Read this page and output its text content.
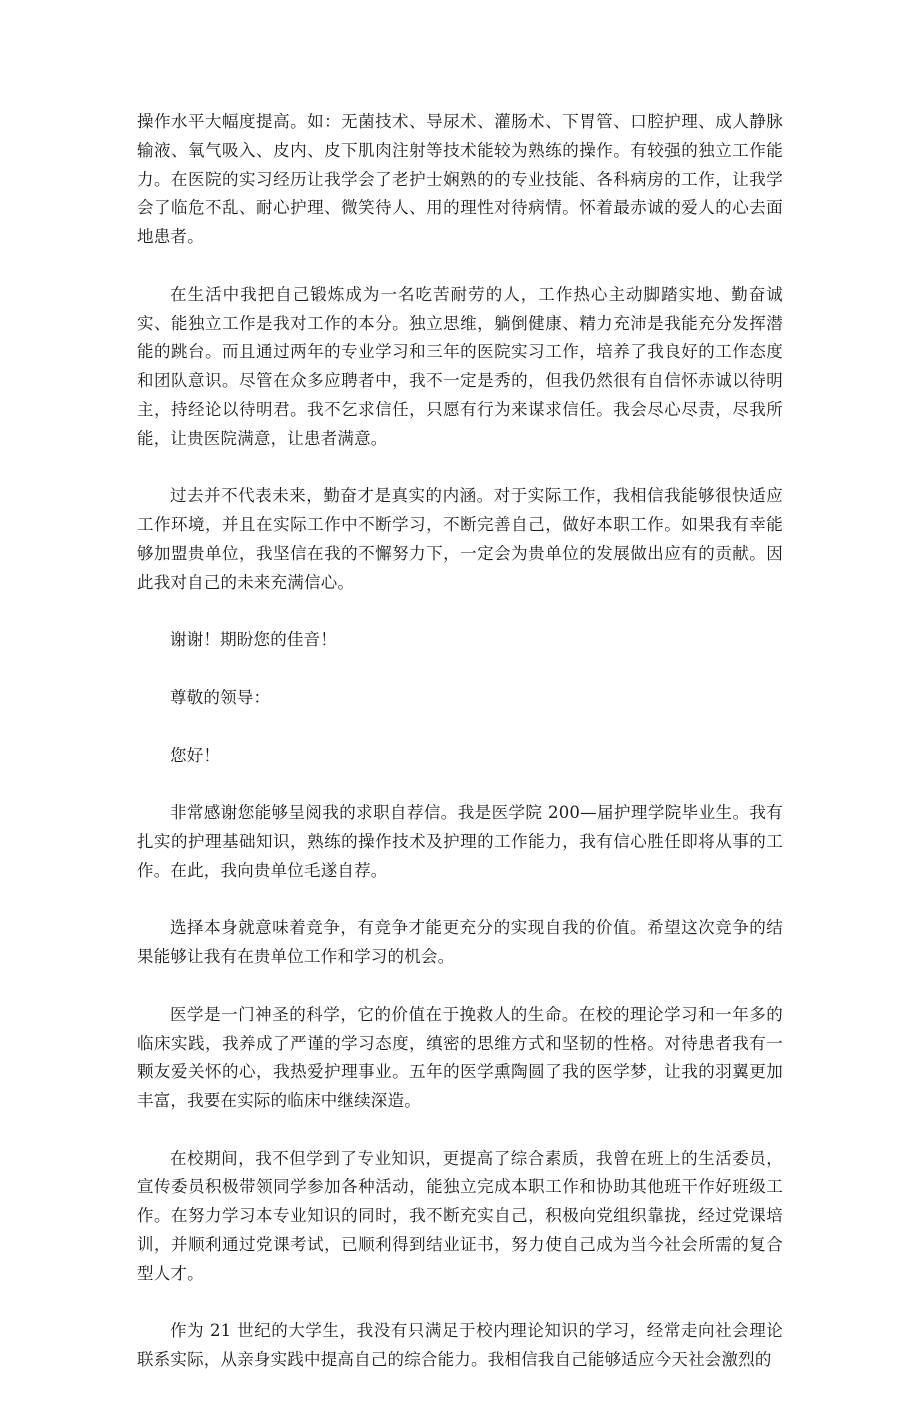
操作水平大幅度提高。如：无菌技术、导尿术、灌肠术、下胃管、口腔护理、成人静脉输液、氧气吸入、皮内、皮下肌肉注射等技术能较为熟练的操作。有较强的独立工作能力。在医院的实习经历让我学会了老护士娴熟的的专业技能、各科病房的工作，让我学会了临危不乱、耐心护理、微笑待人、用的理性对待病情。怀着最赤诚的爱人的心去面地患者。

在生活中我把自己锻炼成为一名吃苦耐劳的人，工作热心主动脚踏实地、勤奋诚实、能独立工作是我对工作的本分。独立思维，躺倒健康、精力充沛是我能充分发挥潜能的跳台。而且通过两年的专业学习和三年的医院实习工作，培养了我良好的工作态度和团队意识。尽管在众多应聘者中，我不一定是秀的，但我仍然很有自信怀赤诚以待明主，持经论以待明君。我不乞求信任，只愿有行为来谋求信任。我会尽心尽责，尽我所能，让贵医院满意，让患者满意。

过去并不代表未来，勤奋才是真实的内涵。对于实际工作，我相信我能够很快适应工作环境，并且在实际工作中不断学习，不断完善自己，做好本职工作。如果我有幸能够加盟贵单位，我坚信在我的不懈努力下，一定会为贵单位的发展做出应有的贡献。因此我对自己的未来充满信心。

谢谢！期盼您的佳音！

尊敬的领导：

您好！

非常感谢您能够呈阅我的求职自荐信。我是医学院 200—届护理学院毕业生。我有扎实的护理基础知识，熟练的操作技术及护理的工作能力，我有信心胜任即将从事的工作。在此，我向贵单位毛遂自荐。

选择本身就意味着竞争，有竞争才能更充分的实现自我的价值。希望这次竞争的结果能够让我有在贵单位工作和学习的机会。

医学是一门神圣的科学，它的价值在于挽救人的生命。在校的理论学习和一年多的临床实践，我养成了严谨的学习态度，缜密的思维方式和坚韧的性格。对待患者我有一颗友爱关怀的心，我热爱护理事业。五年的医学熏陶圆了我的医学梦，让我的羽翼更加丰富，我要在实际的临床中继续深造。

在校期间，我不但学到了专业知识，更提高了综合素质，我曾在班上的生活委员，宣传委员积极带领同学参加各种活动，能独立完成本职工作和协助其他班干作好班级工作。在努力学习本专业知识的同时，我不断充实自己，积极向党组织靠拢，经过党课培训，并顺利通过党课考试，已顺利得到结业证书，努力使自己成为当今社会所需的复合型人才。

作为 21 世纪的大学生，我没有只满足于校内理论知识的学习，经常走向社会理论联系实际，从亲身实践中提高自己的综合能力。我相信我自己能够适应今天社会激烈的
